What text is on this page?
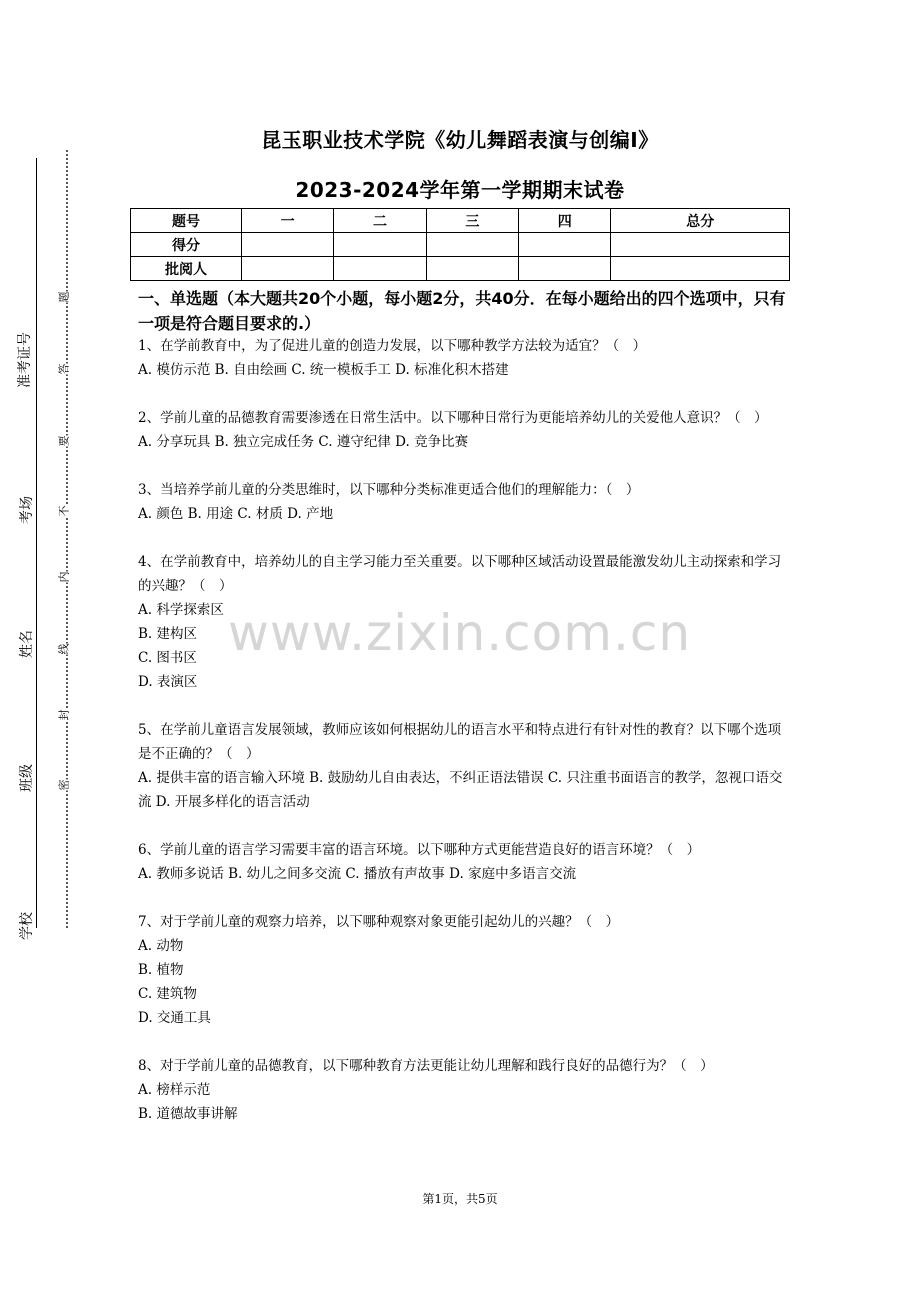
准考证号
考场
姓名
班级
学校
题
答
要
不
内
线
封
密
昆玉职业技术学院《幼儿舞蹈表演与创编Ⅰ》
2023-2024学年第一学期期末试卷
题号	一	二	三	四	总分
得分					
批阅人					
一、单选题（本大题共20个小题，每小题2分，共40分．在每小题给出的四个选项中，只有一项是符合题目要求的.）

1、在学前教育中，为了促进儿童的创造力发展，以下哪种教学方法较为适宜？（　）

A. 模仿示范 B. 自由绘画 C. 统一模板手工 D. 标准化积木搭建

2、学前儿童的品德教育需要渗透在日常生活中。以下哪种日常行为更能培养幼儿的关爱他人意识？（　）

A. 分享玩具 B. 独立完成任务 C. 遵守纪律 D. 竞争比赛

3、当培养学前儿童的分类思维时，以下哪种分类标准更适合他们的理解能力：（　）

A. 颜色 B. 用途 C. 材质 D. 产地

4、在学前教育中，培养幼儿的自主学习能力至关重要。以下哪种区域活动设置最能激发幼儿主动探索和学习的兴趣？（　）

A. 科学探索区

B. 建构区

C. 图书区

D. 表演区

5、在学前儿童语言发展领域，教师应该如何根据幼儿的语言水平和特点进行有针对性的教育？以下哪个选项是不正确的？（　）

A. 提供丰富的语言输入环境 B. 鼓励幼儿自由表达，不纠正语法错误 C. 只注重书面语言的教学，忽视口语交流 D. 开展多样化的语言活动

6、学前儿童的语言学习需要丰富的语言环境。以下哪种方式更能营造良好的语言环境？（　）

A. 教师多说话 B. 幼儿之间多交流 C. 播放有声故事 D. 家庭中多语言交流

7、对于学前儿童的观察力培养，以下哪种观察对象更能引起幼儿的兴趣？（　）

A. 动物

B. 植物

C. 建筑物

D. 交通工具

8、对于学前儿童的品德教育，以下哪种教育方法更能让幼儿理解和践行良好的品德行为？（　）

A. 榜样示范

B. 道德故事讲解

www.zixin.com.cn
第1页，共5页
